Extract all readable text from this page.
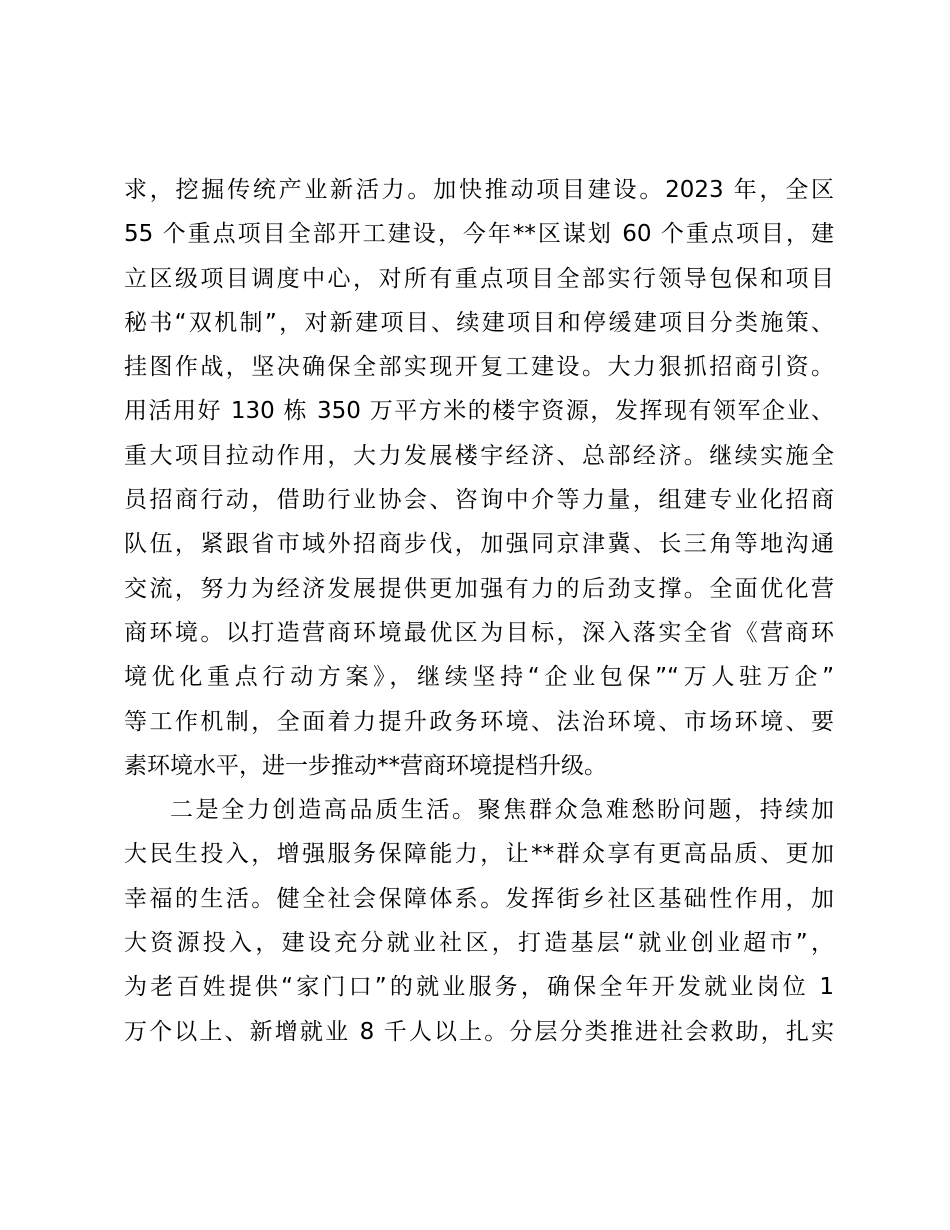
求，挖掘传统产业新活力。加快推动项目建设。2023 年，全区
55 个重点项目全部开工建设，今年**区谋划 60 个重点项目，建
立区级项目调度中心，对所有重点项目全部实行领导包保和项目
秘书“双机制”，对新建项目、续建项目和停缓建项目分类施策、
挂图作战，坚决确保全部实现开复工建设。大力狠抓招商引资。
用活用好 130 栋 350 万平方米的楼宇资源，发挥现有领军企业、
重大项目拉动作用，大力发展楼宇经济、总部经济。继续实施全
员招商行动，借助行业协会、咨询中介等力量，组建专业化招商
队伍，紧跟省市域外招商步伐，加强同京津冀、长三角等地沟通
交流，努力为经济发展提供更加强有力的后劲支撑。全面优化营
商环境。以打造营商环境最优区为目标，深入落实全省《营商环
境优化重点行动方案》，继续坚持“企业包保”“万人驻万企”
等工作机制，全面着力提升政务环境、法治环境、市场环境、要
素环境水平，进一步推动**营商环境提档升级。
二是全力创造高品质生活。聚焦群众急难愁盼问题，持续加
大民生投入，增强服务保障能力，让**群众享有更高品质、更加
幸福的生活。健全社会保障体系。发挥街乡社区基础性作用，加
大资源投入，建设充分就业社区，打造基层“就业创业超市”，
为老百姓提供“家门口”的就业服务，确保全年开发就业岗位 1
万个以上、新增就业 8 千人以上。分层分类推进社会救助，扎实
